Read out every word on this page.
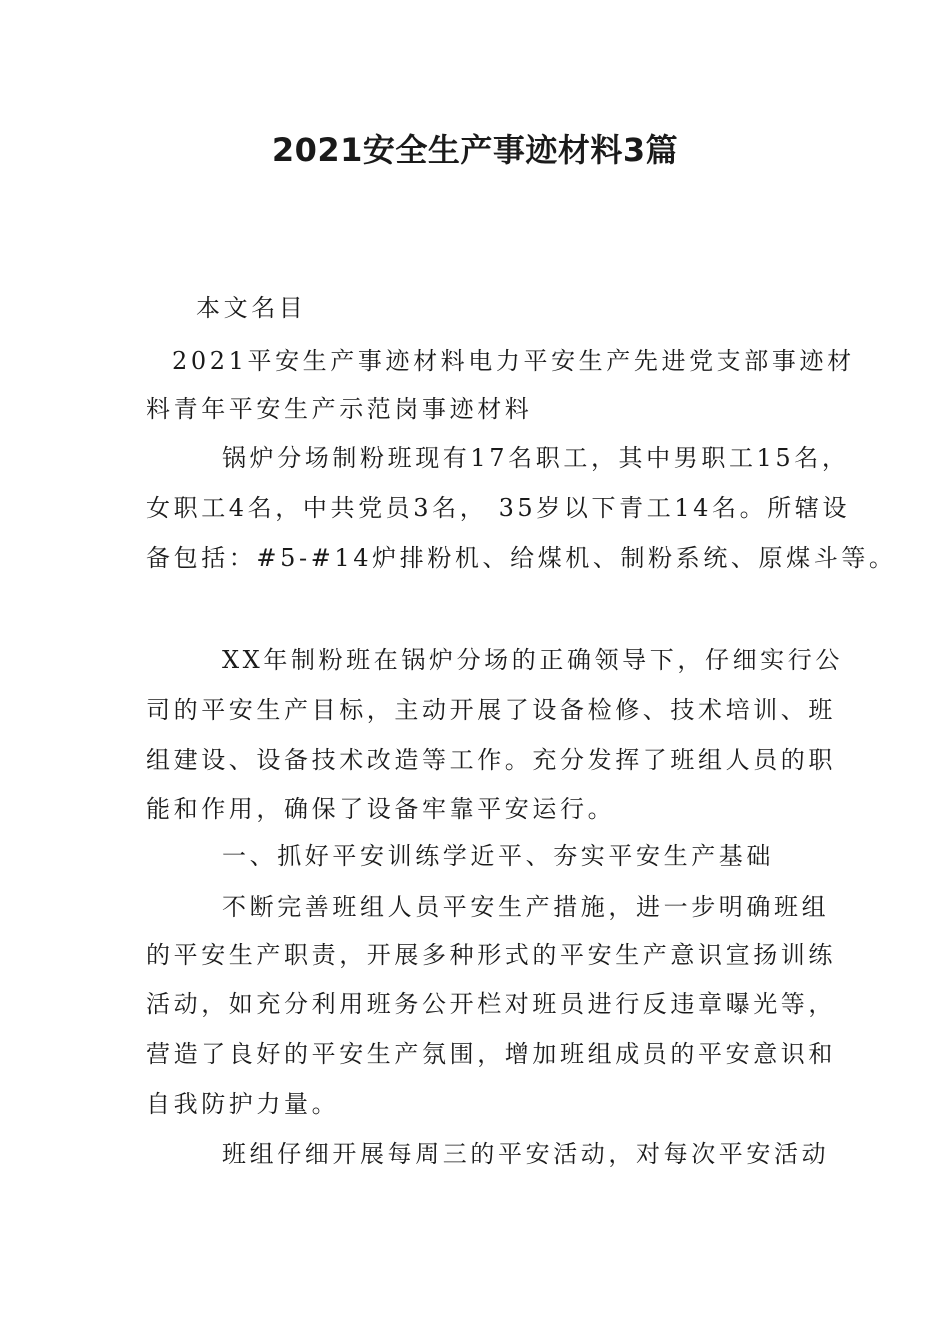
2021安全生产事迹材料3篇
本文名目
2021平安生产事迹材料电力平安生产先进党支部事迹材
料青年平安生产示范岗事迹材料
锅炉分场制粉班现有17名职工，其中男职工15名，
女职工4名，中共党员3名， 35岁以下青工14名。所辖设
备包括：#5-#14炉排粉机、给煤机、制粉系统、原煤斗等。
XX年制粉班在锅炉分场的正确领导下，仔细实行公
司的平安生产目标，主动开展了设备检修、技术培训、班
组建设、设备技术改造等工作。充分发挥了班组人员的职
能和作用，确保了设备牢靠平安运行。
一、抓好平安训练学近平、夯实平安生产基础
不断完善班组人员平安生产措施，进一步明确班组
的平安生产职责，开展多种形式的平安生产意识宣扬训练
活动，如充分利用班务公开栏对班员进行反违章曝光等，
营造了良好的平安生产氛围，增加班组成员的平安意识和
自我防护力量。
班组仔细开展每周三的平安活动，对每次平安活动
